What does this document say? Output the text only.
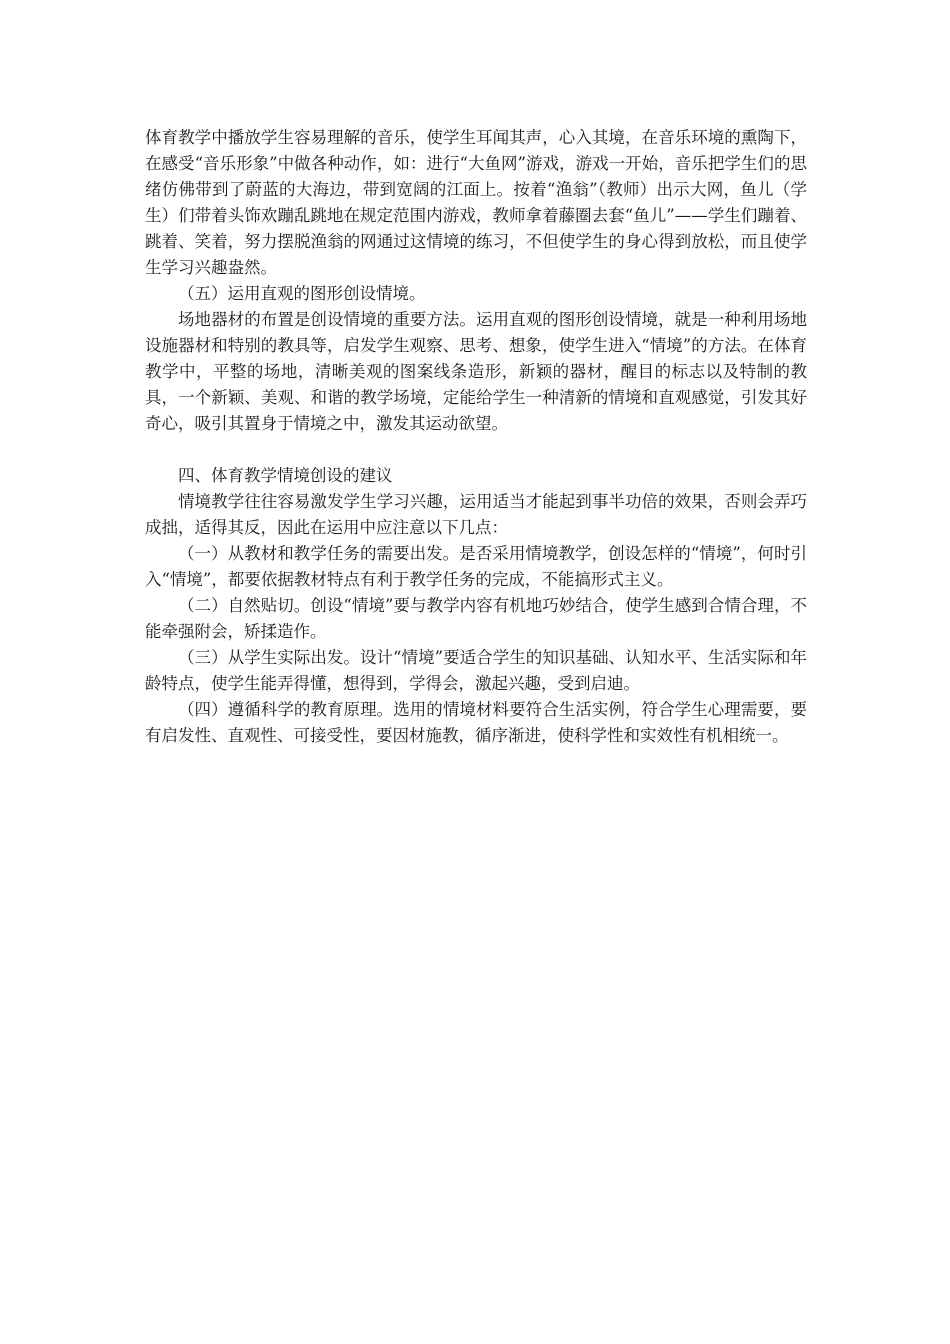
体育教学中播放学生容易理解的音乐，使学生耳闻其声，心入其境，在音乐环境的熏陶下，在感受“音乐形象”中做各种动作，如：进行“大鱼网”游戏，游戏一开始，音乐把学生们的思绪仿佛带到了蔚蓝的大海边，带到宽阔的江面上。按着“渔翁”（教师）出示大网，鱼儿（学生）们带着头饰欢蹦乱跳地在规定范围内游戏，教师拿着藤圈去套“鱼儿”——学生们蹦着、跳着、笑着，努力摆脱渔翁的网通过这情境的练习，不但使学生的身心得到放松，而且使学生学习兴趣盎然。

（五）运用直观的图形创设情境。

场地器材的布置是创设情境的重要方法。运用直观的图形创设情境，就是一种利用场地设施器材和特别的教具等，启发学生观察、思考、想象，使学生进入“情境”的方法。在体育教学中，平整的场地，清晰美观的图案线条造形，新颖的器材，醒目的标志以及特制的教具，一个新颖、美观、和谐的教学场境，定能给学生一种清新的情境和直观感觉，引发其好奇心，吸引其置身于情境之中，激发其运动欲望。

四、体育教学情境创设的建议

情境教学往往容易激发学生学习兴趣，运用适当才能起到事半功倍的效果，否则会弄巧成拙，适得其反，因此在运用中应注意以下几点：

（一）从教材和教学任务的需要出发。是否采用情境教学，创设怎样的“情境”，何时引入“情境”，都要依据教材特点有利于教学任务的完成，不能搞形式主义。

（二）自然贴切。创设“情境”要与教学内容有机地巧妙结合，使学生感到合情合理，不能牵强附会，矫揉造作。

（三）从学生实际出发。设计“情境”要适合学生的知识基础、认知水平、生活实际和年龄特点，使学生能弄得懂，想得到，学得会，激起兴趣，受到启迪。

（四）遵循科学的教育原理。选用的情境材料要符合生活实例，符合学生心理需要，要有启发性、直观性、可接受性，要因材施教，循序渐进，使科学性和实效性有机相统一。
